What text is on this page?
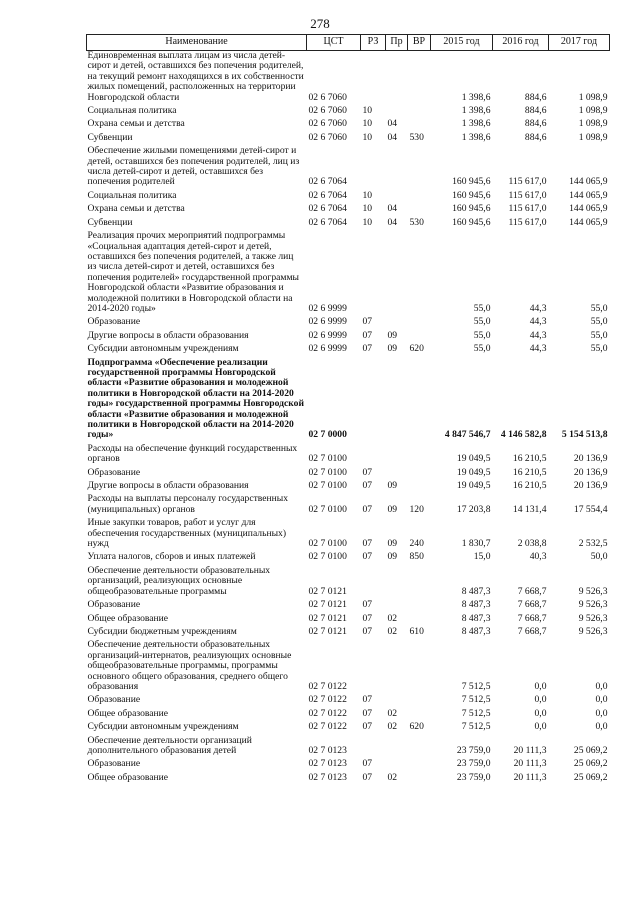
278
Наименование	ЦСТ	РЗ	Пр	ВР	2015 год	2016 год	2017 год
Единовременная выплата лицам из числа детей-сирот и детей, оставшихся без попечения родителей, на текущий ремонт находящихся в их собственности жилых помещений, расположенных на территории Новгородской области	02 6 7060				1 398,6	884,6	1 098,9
Социальная политика	02 6 7060	10			1 398,6	884,6	1 098,9
Охрана семьи и детства	02 6 7060	10	04		1 398,6	884,6	1 098,9
Субвенции	02 6 7060	10	04	530	1 398,6	884,6	1 098,9
Обеспечение жилыми помещениями детей-сирот и детей, оставшихся без попечения родителей, лиц из числа детей-сирот и детей, оставшихся без попечения родителей	02 6 7064				160 945,6	115 617,0	144 065,9
Социальная политика	02 6 7064	10			160 945,6	115 617,0	144 065,9
Охрана семьи и детства	02 6 7064	10	04		160 945,6	115 617,0	144 065,9
Субвенции	02 6 7064	10	04	530	160 945,6	115 617,0	144 065,9
Реализация прочих мероприятий подпрограммы «Социальная адаптация детей-сирот и детей, оставшихся без попечения родителей, а также лиц из числа детей-сирот и детей, оставшихся без попечения родителей» государственной программы Новгородской области «Развитие образования и молодежной политики в Новгородской области на 2014-2020 годы»	02 6 9999				55,0	44,3	55,0
Образование	02 6 9999	07			55,0	44,3	55,0
Другие вопросы в области образования	02 6 9999	07	09		55,0	44,3	55,0
Субсидии автономным учреждениям	02 6 9999	07	09	620	55,0	44,3	55,0
Подпрограмма «Обеспечение реализации государственной программы Новгородской области «Развитие образования и молодежной политики в Новгородской области на 2014-2020 годы» государственной программы Новгородской области «Развитие образования и молодежной политики в Новгородской области на 2014-2020 годы»	02 7 0000				4 847 546,7	4 146 582,8	5 154 513,8
Расходы на обеспечение функций государственных органов	02 7 0100				19 049,5	16 210,5	20 136,9
Образование	02 7 0100	07			19 049,5	16 210,5	20 136,9
Другие вопросы в области образования	02 7 0100	07	09		19 049,5	16 210,5	20 136,9
Расходы на выплаты персоналу государственных (муниципальных) органов	02 7 0100	07	09	120	17 203,8	14 131,4	17 554,4
Иные закупки товаров, работ и услуг для обеспечения государственных (муниципальных) нужд	02 7 0100	07	09	240	1 830,7	2 038,8	2 532,5
Уплата налогов, сборов и иных платежей	02 7 0100	07	09	850	15,0	40,3	50,0
Обеспечение деятельности образовательных организаций, реализующих основные общеобразовательные программы	02 7 0121				8 487,3	7 668,7	9 526,3
Образование	02 7 0121	07			8 487,3	7 668,7	9 526,3
Общее образование	02 7 0121	07	02		8 487,3	7 668,7	9 526,3
Субсидии бюджетным учреждениям	02 7 0121	07	02	610	8 487,3	7 668,7	9 526,3
Обеспечение деятельности образовательных организаций-интернатов, реализующих основные общеобразовательные программы, программы основного общего образования, среднего общего образования	02 7 0122				7 512,5	0,0	0,0
Образование	02 7 0122	07			7 512,5	0,0	0,0
Общее образование	02 7 0122	07	02		7 512,5	0,0	0,0
Субсидии автономным учреждениям	02 7 0122	07	02	620	7 512,5	0,0	0,0
Обеспечение деятельности организаций дополнительного образования детей	02 7 0123				23 759,0	20 111,3	25 069,2
Образование	02 7 0123	07			23 759,0	20 111,3	25 069,2
Общее образование	02 7 0123	07	02		23 759,0	20 111,3	25 069,2
